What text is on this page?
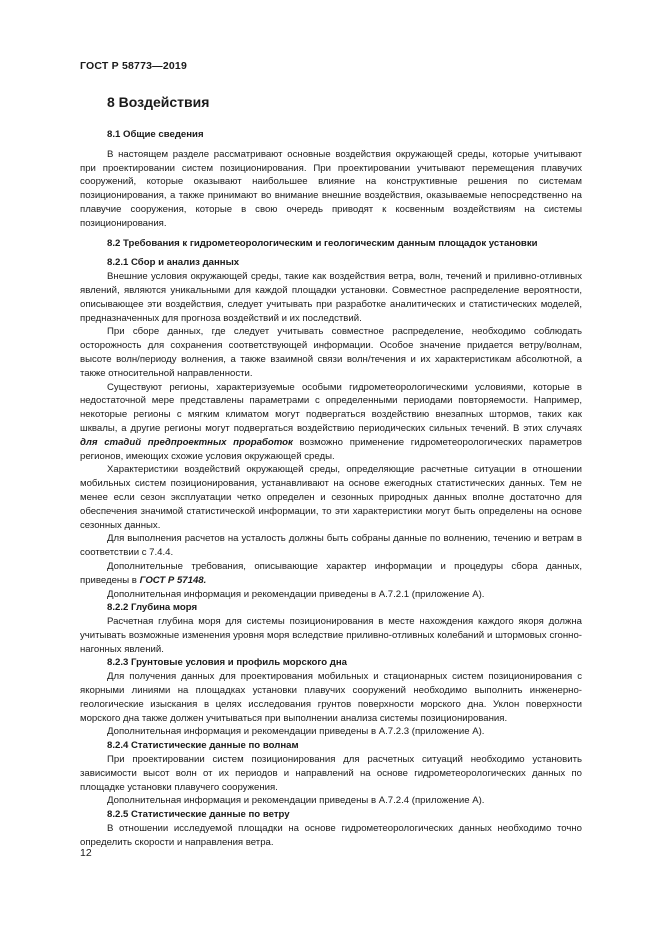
ГОСТ Р 58773—2019
8 Воздействия

8.1 Общие сведения

В настоящем разделе рассматривают основные воздействия окружающей среды, которые учитывают при проектировании систем позиционирования. При проектировании учитывают перемещения плавучих сооружений, которые оказывают наибольшее влияние на конструктивные решения по системам позиционирования, а также принимают во внимание внешние воздействия, оказываемые непосредственно на плавучие сооружения, которые в свою очередь приводят к косвенным воздействиям на системы позиционирования.

8.2 Требования к гидрометеорологическим и геологическим данным площадок установки

8.2.1 Сбор и анализ данных

Внешние условия окружающей среды, такие как воздействия ветра, волн, течений и приливно-отливных явлений, являются уникальными для каждой площадки установки. Совместное распределение вероятности, описывающее эти воздействия, следует учитывать при разработке аналитических и статистических моделей, предназначенных для прогноза воздействий и их последствий.

При сборе данных, где следует учитывать совместное распределение, необходимо соблюдать осторожность для сохранения соответствующей информации. Особое значение придается ветру/волнам, высоте волн/периоду волнения, а также взаимной связи волн/течения и их характеристикам абсолютной, а также относительной направленности.

Существуют регионы, характеризуемые особыми гидрометеорологическими условиями, которые в недостаточной мере представлены параметрами с определенными периодами повторяемости. Например, некоторые регионы с мягким климатом могут подвергаться воздействию внезапных штормов, таких как шквалы, а другие регионы могут подвергаться воздействию периодических сильных течений. В этих случаях для стадий предпроектных проработок возможно применение гидрометеорологических параметров регионов, имеющих схожие условия окружающей среды.

Характеристики воздействий окружающей среды, определяющие расчетные ситуации в отношении мобильных систем позиционирования, устанавливают на основе ежегодных статистических данных. Тем не менее если сезон эксплуатации четко определен и сезонных природных данных вполне достаточно для обеспечения значимой статистической информации, то эти характеристики могут быть определены на основе сезонных данных.

Для выполнения расчетов на усталость должны быть собраны данные по волнению, течению и ветрам в соответствии с 7.4.4.

Дополнительные требования, описывающие характер информации и процедуры сбора данных, приведены в ГОСТ Р 57148.

Дополнительная информация и рекомендации приведены в А.7.2.1 (приложение А).

8.2.2 Глубина моря

Расчетная глубина моря для системы позиционирования в месте нахождения каждого якоря должна учитывать возможные изменения уровня моря вследствие приливно-отливных колебаний и штормовых сгонно-нагонных явлений.

8.2.3 Грунтовые условия и профиль морского дна

Для получения данных для проектирования мобильных и стационарных систем позиционирования с якорными линиями на площадках установки плавучих сооружений необходимо выполнить инженерно-геологические изыскания в целях исследования грунтов поверхности морского дна. Уклон поверхности морского дна также должен учитываться при выполнении анализа системы позиционирования.

Дополнительная информация и рекомендации приведены в А.7.2.3 (приложение А).

8.2.4 Статистические данные по волнам

При проектировании систем позиционирования для расчетных ситуаций необходимо установить зависимости высот волн от их периодов и направлений на основе гидрометеорологических данных по площадке установки плавучего сооружения.

Дополнительная информация и рекомендации приведены в А.7.2.4 (приложение А).

8.2.5 Статистические данные по ветру

В отношении исследуемой площадки на основе гидрометеорологических данных необходимо точно определить скорости и направления ветра.

12
